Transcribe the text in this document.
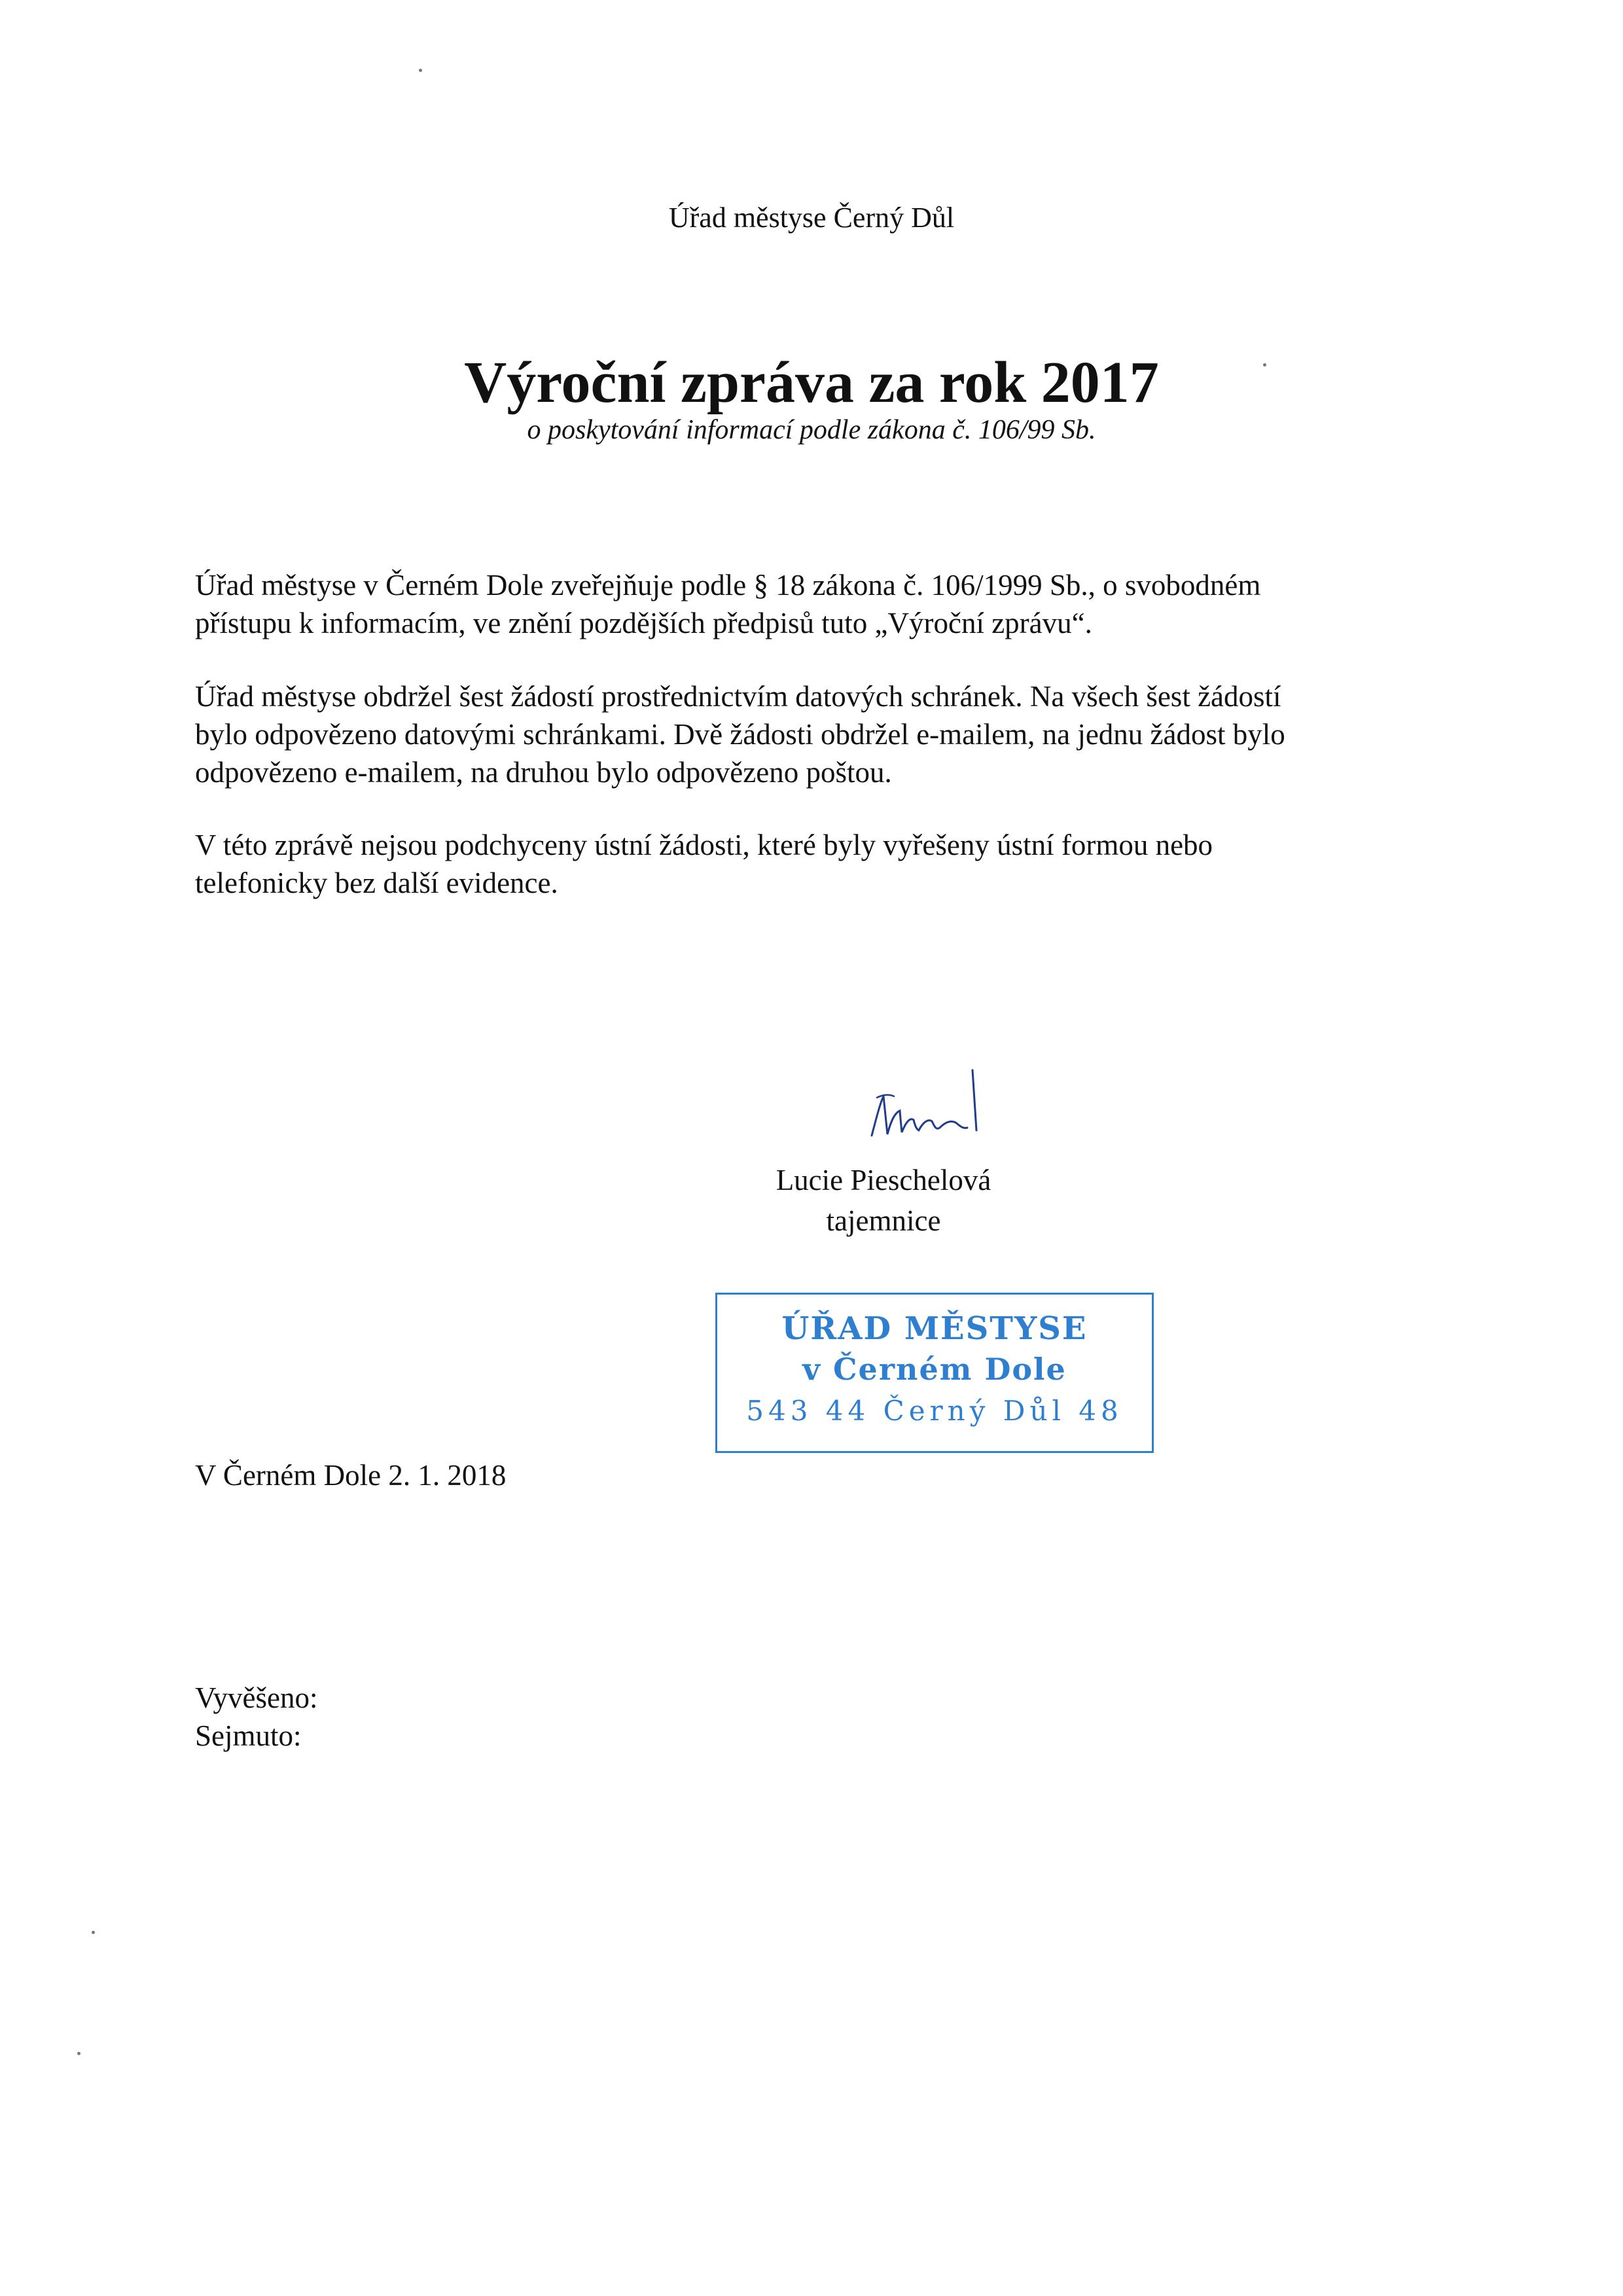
Úřad městyse Černý Důl
Výroční zpráva za rok 2017
o poskytování informací podle zákona č. 106/99 Sb.

Úřad městyse v Černém Dole zveřejňuje podle § 18 zákona č. 106/1999 Sb., o svobodném

přístupu k informacím, ve znění pozdějších předpisů tuto „Výroční zprávu“.

Úřad městyse obdržel šest žádostí prostřednictvím datových schránek. Na všech šest žádostí

bylo odpovězeno datovými schránkami. Dvě žádosti obdržel e-mailem, na jednu žádost bylo

odpovězeno e-mailem, na druhou bylo odpovězeno poštou.

V této zprávě nejsou podchyceny ústní žádosti, které byly vyřešeny ústní formou nebo

telefonicky bez další evidence.

Lucie Pieschelová
tajemnice
ÚŘAD MĚSTYSE
v Černém Dole
543 44 Černý Důl 48
V Černém Dole 2. 1. 2018
Vyvěšeno:
Sejmuto:
